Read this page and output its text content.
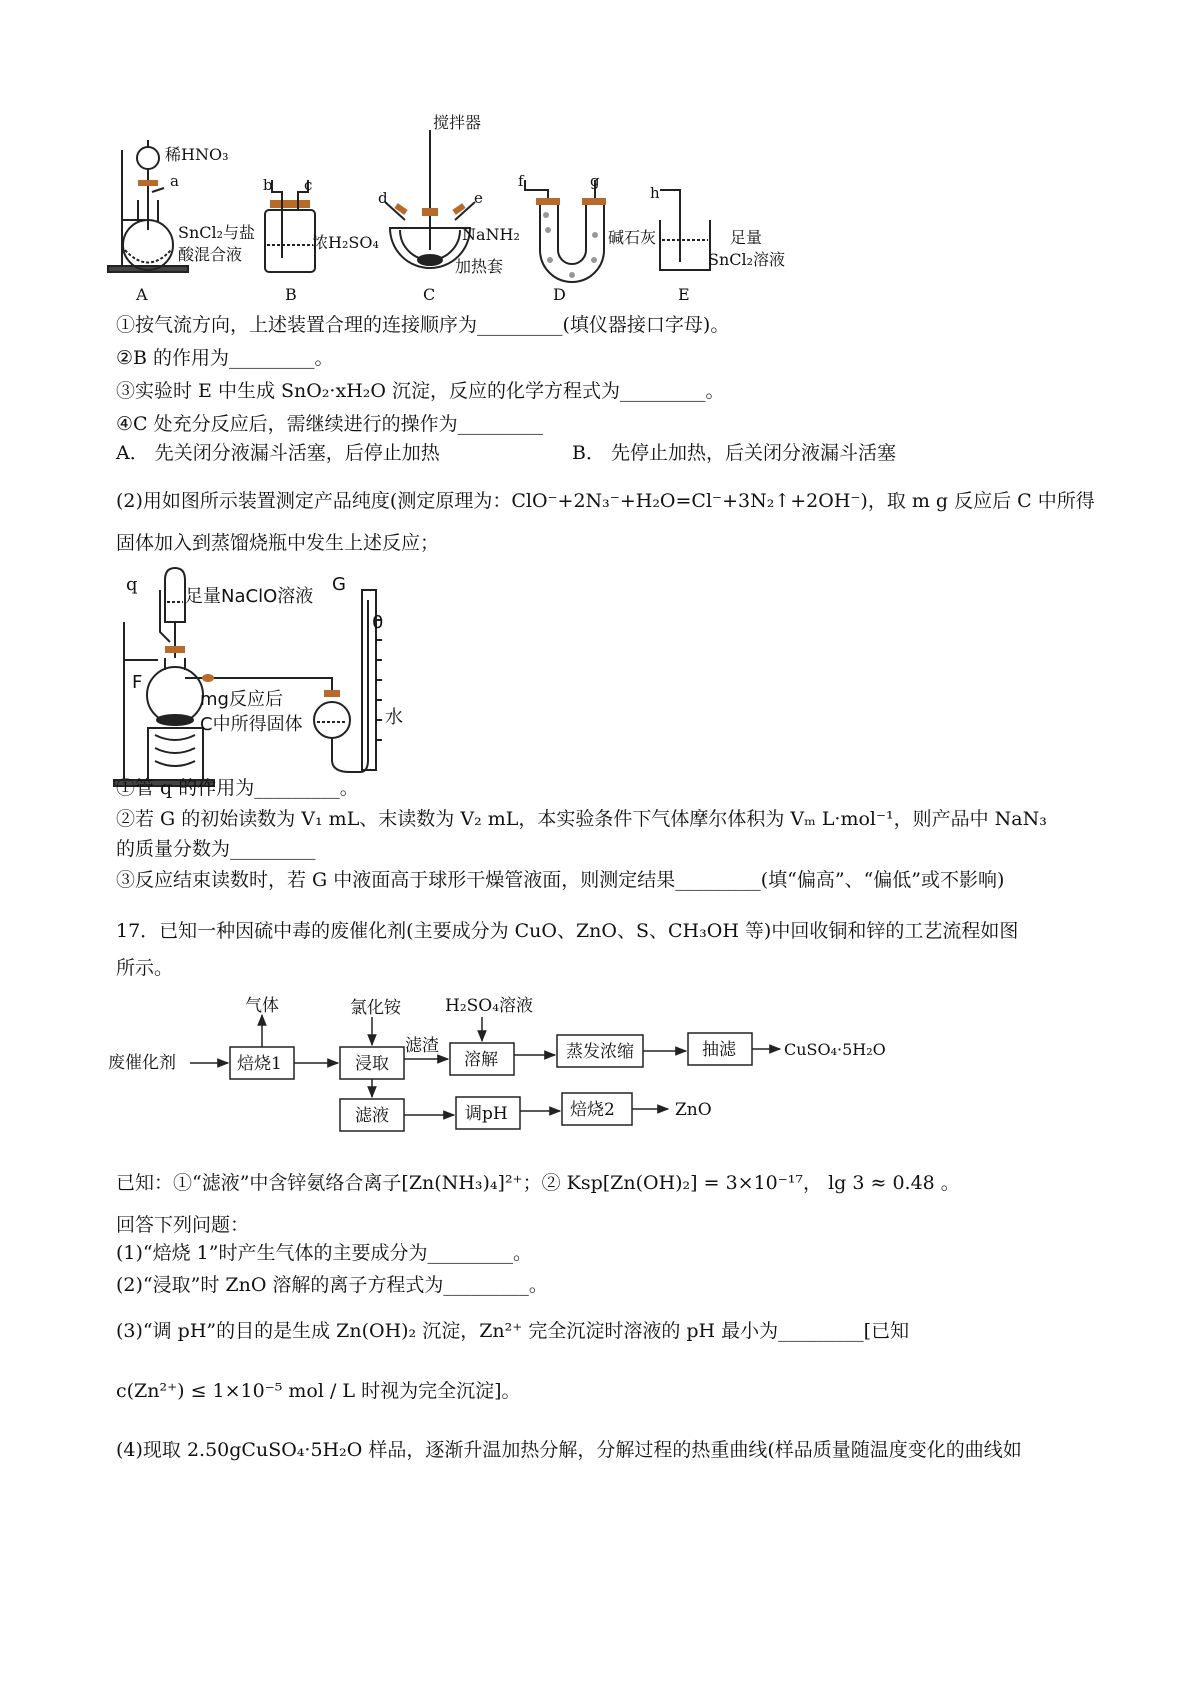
搅拌器
稀HNO₃
a	b c
d	e
f	g
h
SnCl₂与盐
酸混合液
浓H₂SO₄	NaNH₂
加热套
碱石灰	足量
SnCl₂溶液
A	B	C	D	E
①按气流方向，上述装置合理的连接顺序为_________(填仪器接口字母)。
②B 的作用为_________。
③实验时 E 中生成 SnO₂·xH₂O 沉淀，反应的化学方程式为_________。
④C 处充分反应后，需继续进行的操作为_________
A． 先关闭分液漏斗活塞，后停止加热	B． 先停止加热，后关闭分液漏斗活塞
(2)用如图所示装置测定产品纯度(测定原理为：ClO⁻+2N₃⁻+H₂O=Cl⁻+3N₂↑+2OH⁻)，取 m g 反应后 C 中所得
固体加入到蒸馏烧瓶中发生上述反应；
q
足量NaClO溶液
F
G
0
mg反应后
C中所得固体	水
①管 q 的作用为_________。
②若 G 的初始读数为 V₁ mL、末读数为 V₂ mL，本实验条件下气体摩尔体积为 Vₘ L·mol⁻¹，则产品中 NaN₃
的质量分数为_________
③反应结束读数时，若 G 中液面高于球形干燥管液面，则测定结果_________(填“偏高”、“偏低”或不影响)
17．已知一种因硫中毒的废催化剂(主要成分为 CuO、ZnO、S、CH₃OH 等)中回收铜和锌的工艺流程如图
所示。
气体	氯化铵	H₂SO₄溶液
废催化剂	焙烧1	浸取
滤渣
溶解	蒸发浓缩	抽滤	CuSO₄·5H₂O
滤液	调pH	焙烧2	ZnO
已知：①“滤液”中含锌氨络合离子[Zn(NH₃)₄]²⁺；② Ksp[Zn(OH)₂] = 3×10⁻¹⁷， lg 3 ≈ 0.48 。
回答下列问题：
(1)“焙烧 1”时产生气体的主要成分为_________。
(2)“浸取”时 ZnO 溶解的离子方程式为_________。
(3)“调 pH”的目的是生成 Zn(OH)₂ 沉淀，Zn²⁺ 完全沉淀时溶液的 pH 最小为_________[已知
c(Zn²⁺) ≤ 1×10⁻⁵ mol / L 时视为完全沉淀]。
(4)现取 2.50gCuSO₄·5H₂O 样品，逐渐升温加热分解，分解过程的热重曲线(样品质量随温度变化的曲线如
